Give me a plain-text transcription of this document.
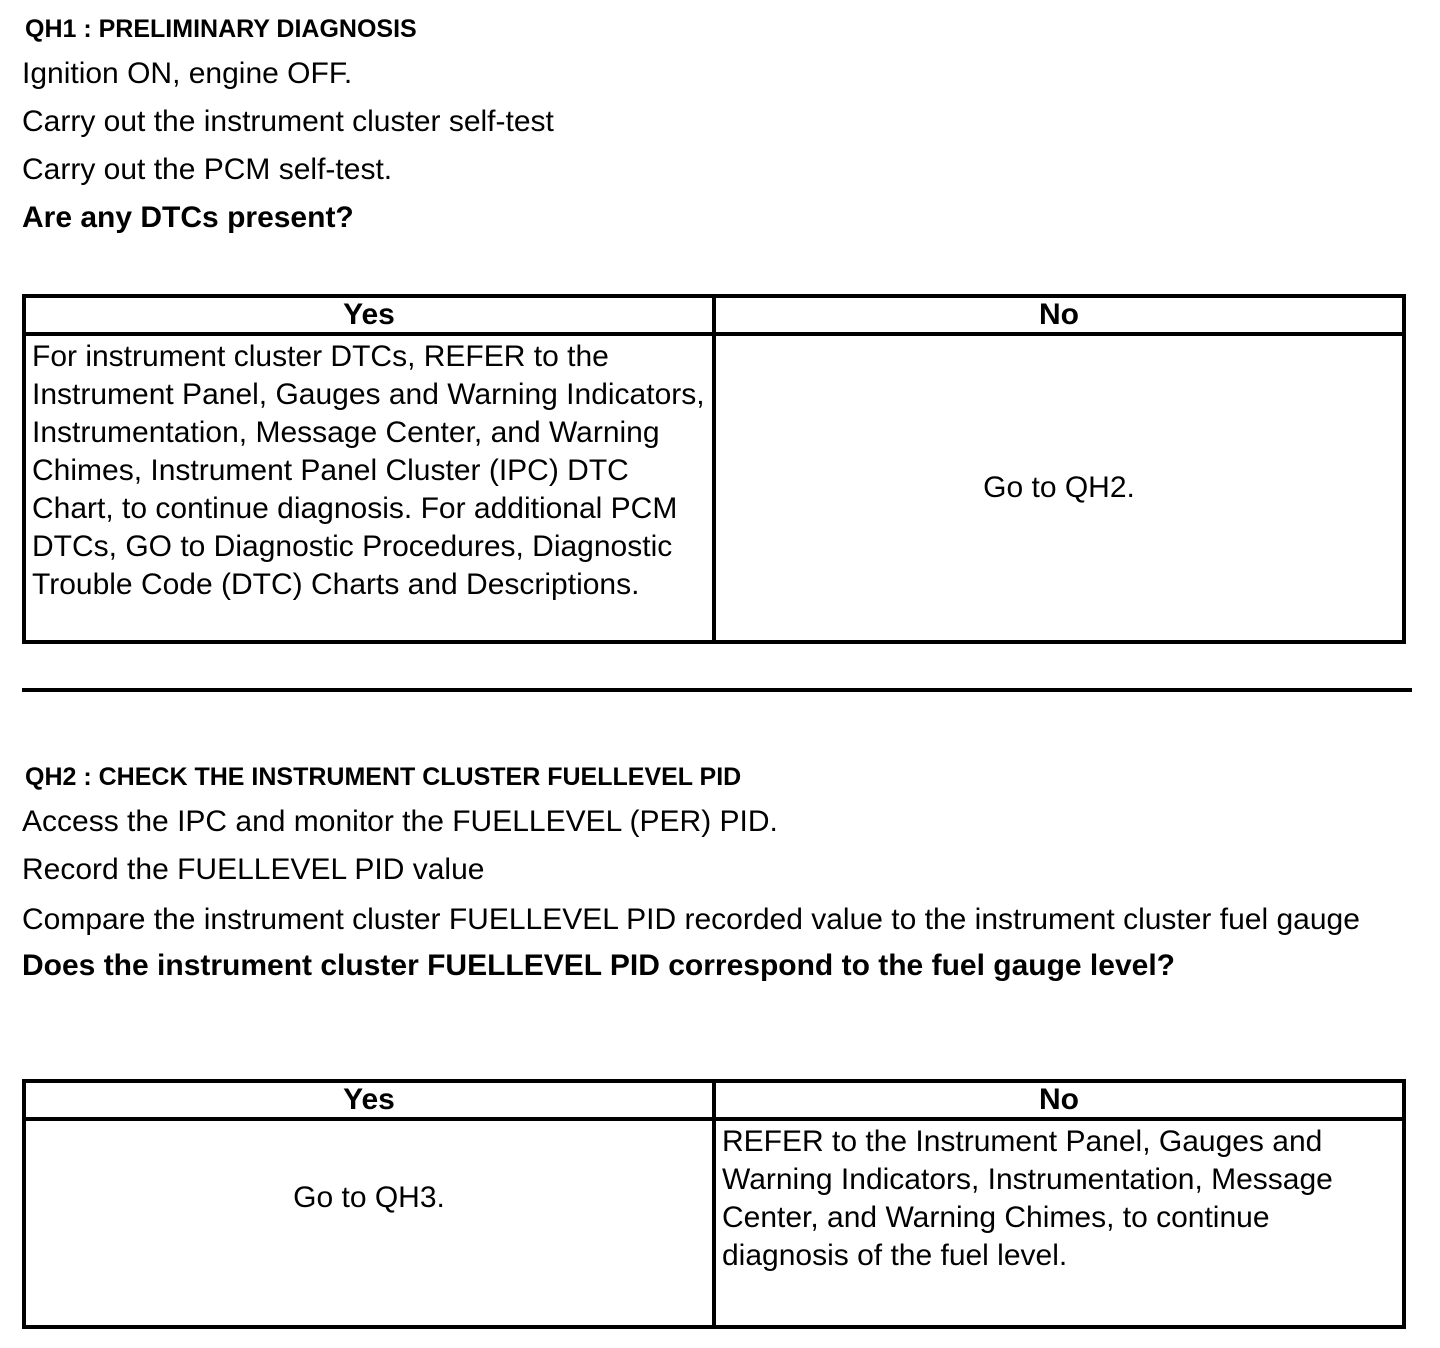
QH1 : PRELIMINARY DIAGNOSIS
Ignition ON, engine OFF.
Carry out the instrument cluster self-test
Carry out the PCM self-test.
Are any DTCs present?
Yes	No
For instrument cluster DTCs, REFER to the Instrument Panel, Gauges and Warning Indicators, Instrumentation, Message Center, and Warning Chimes, Instrument Panel Cluster (IPC) DTC Chart, to continue diagnosis. For additional PCM DTCs, GO to Diagnostic Procedures, Diagnostic Trouble Code (DTC) Charts and Descriptions.	Go to QH2.
QH2 : CHECK THE INSTRUMENT CLUSTER FUELLEVEL PID
Access the IPC and monitor the FUELLEVEL (PER) PID.
Record the FUELLEVEL PID value
Compare the instrument cluster FUELLEVEL PID recorded value to the instrument cluster fuel gauge
Does the instrument cluster FUELLEVEL PID correspond to the fuel gauge level?
Yes	No
Go to QH3.	REFER to the Instrument Panel, Gauges and Warning Indicators, Instrumentation, Message Center, and Warning Chimes, to continue diagnosis of the fuel level.
